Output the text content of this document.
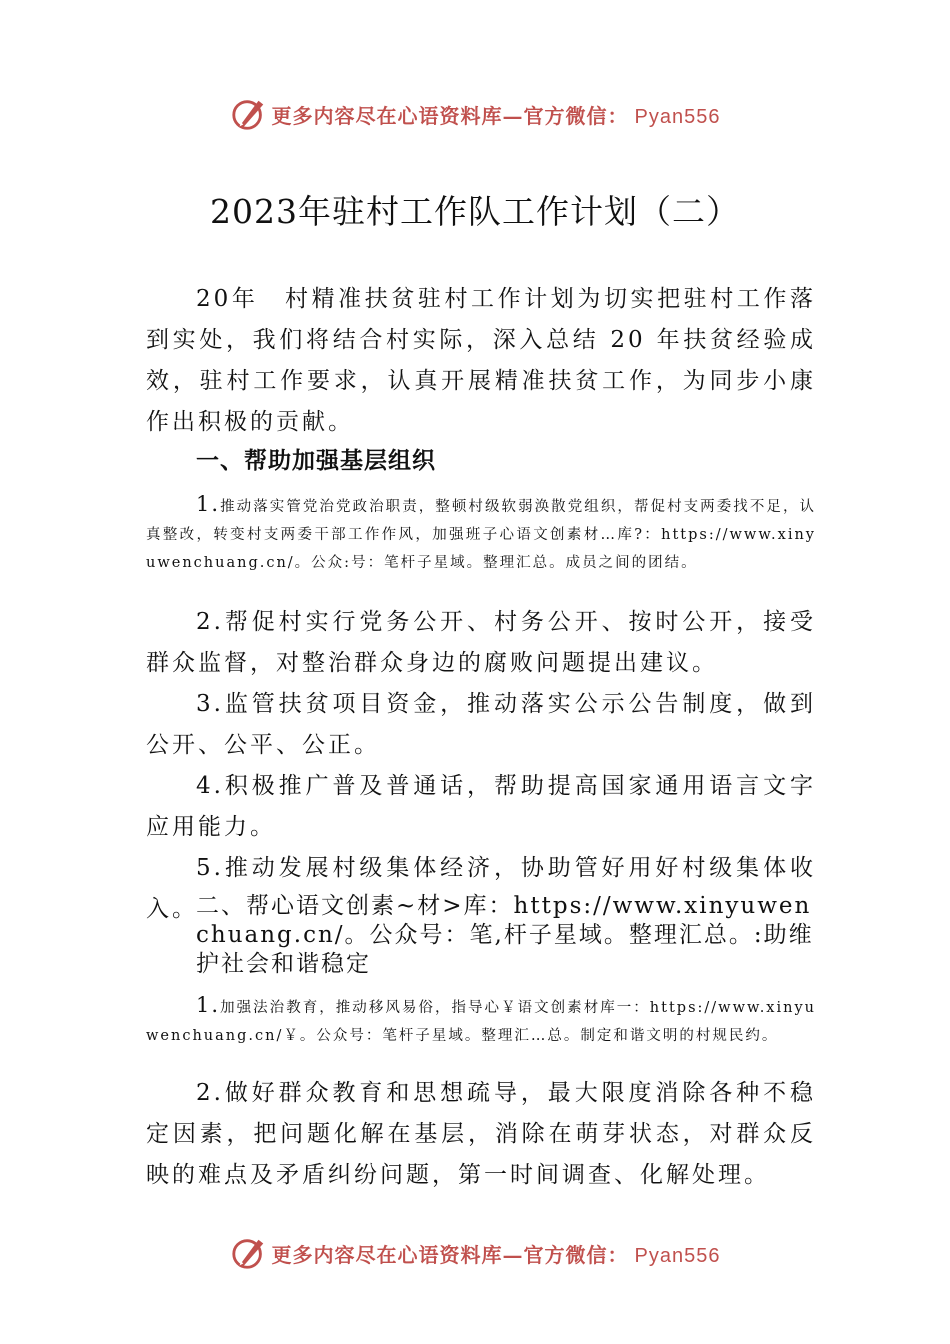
更多内容尽在心语资料库—官方微信： Pyan556
2023年驻村工作队工作计划（二）

20年　村精准扶贫驻村工作计划为切实把驻村工作落到实处，我们将结合村实际，深入总结 20 年扶贫经验成效，驻村工作要求，认真开展精准扶贫工作，为同步小康作出积极的贡献。

一、帮助加强基层组织

1.推动落实管党治党政治职责，整顿村级软弱涣散党组织，帮促村支两委找不足，认真整改，转变村支两委干部工作作风，加强班子心语文创素材…库?：https://www.xinyuwenchuang.cn/。公众:号：笔杆子星域。整理汇总。成员之间的团结。

2.帮促村实行党务公开、村务公开、按时公开，接受群众监督，对整治群众身边的腐败问题提出建议。

3.监管扶贫项目资金，推动落实公示公告制度，做到公开、公平、公正。

4.积极推广普及普通话，帮助提高国家通用语言文字应用能力。

5.推动发展村级集体经济，协助管好用好村级集体收入。

二、帮心语文创素~材>库：https://www.xinyuwenchuang.cn/。公众号：笔,杆子星域。整理汇总。:助维护社会和谐稳定

1.加强法治教育，推动移风易俗，指导心￥语文创素材库一：https://www.xinyuwenchuang.cn/￥。公众号：笔杆子星域。整理汇…总。制定和谐文明的村规民约。

2.做好群众教育和思想疏导，最大限度消除各种不稳定因素，把问题化解在基层，消除在萌芽状态，对群众反映的难点及矛盾纠纷问题，第一时间调查、化解处理。

更多内容尽在心语资料库—官方微信： Pyan556
